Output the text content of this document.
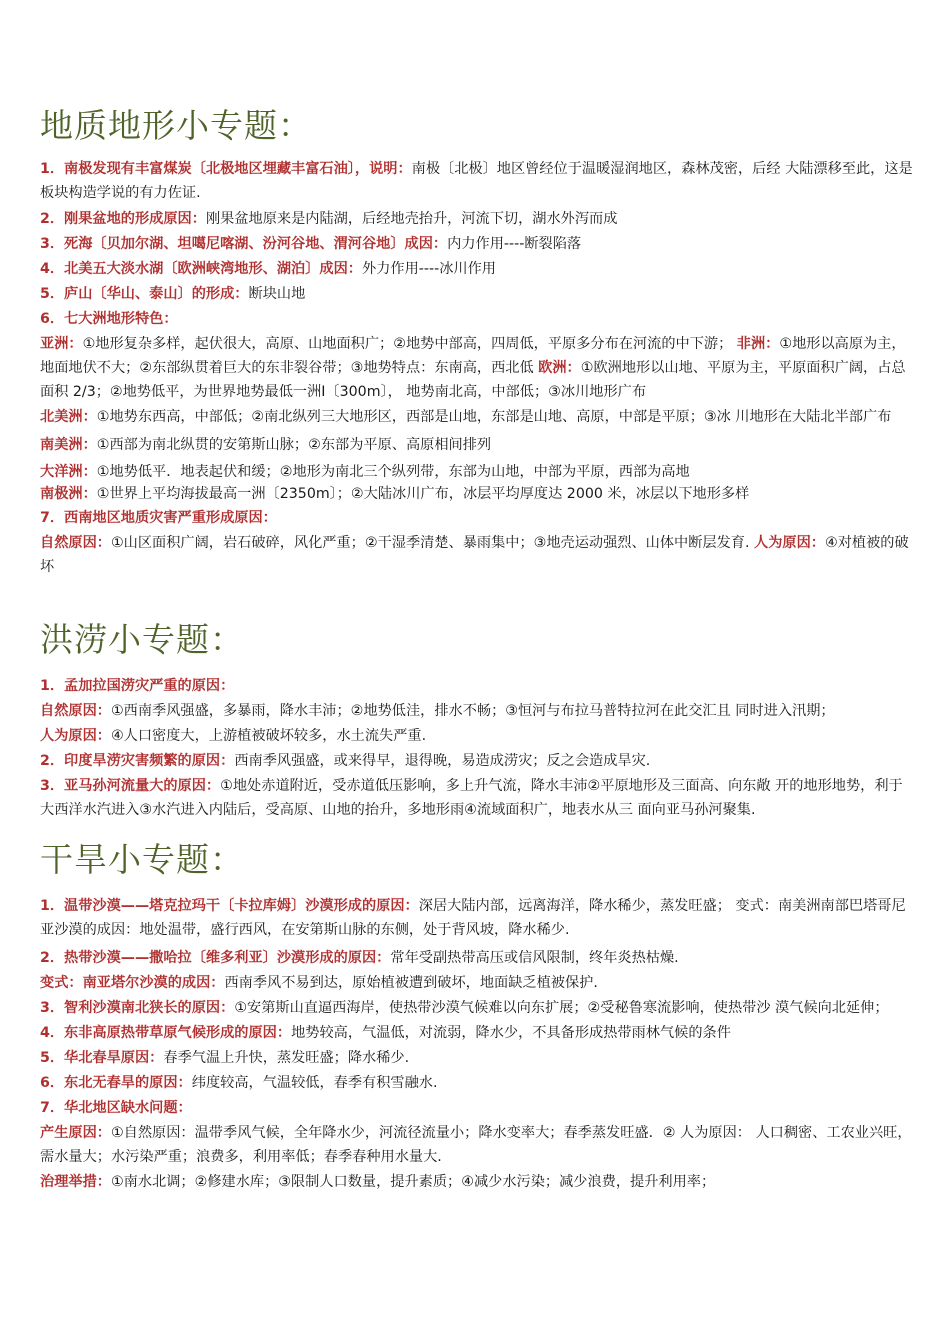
地质地形小专题：

1．南极发现有丰富煤炭〔北极地区埋藏丰富石油〕，说明：南极〔北极〕地区曾经位于温暖湿润地区，森林茂密，后经 大陆漂移至此，这是板块构造学说的有力佐证.

2．刚果盆地的形成原因：刚果盆地原来是内陆湖，后经地壳抬升，河流下切，湖水外泻而成

3．死海〔贝加尔湖、坦噶尼喀湖、汾河谷地、渭河谷地〕成因：内力作用----断裂陷落

4．北美五大淡水湖〔欧洲峡湾地形、湖泊〕成因：外力作用----冰川作用

5．庐山〔华山、泰山〕的形成：断块山地

6．七大洲地形特色：

亚洲：①地形复杂多样，起伏很大，高原、山地面积广；②地势中部高，四周低，平原多分布在河流的中下游； 非洲：①地形以高原为主，地面地伏不大；②东部纵贯着巨大的东非裂谷带；③地势特点：东南高，西北低 欧洲：①欧洲地形以山地、平原为主，平原面积广阔，占总面积 2/3；②地势低平，为世界地势最低一洲Ⅰ〔300m〕， 地势南北高，中部低；③冰川地形广布

北美洲：①地势东西高，中部低；②南北纵列三大地形区，西部是山地，东部是山地、高原，中部是平原；③冰 川地形在大陆北半部广布

南美洲：①西部为南北纵贯的安第斯山脉；②东部为平原、高原相间排列

大洋洲：①地势低平．地表起伏和缓；②地形为南北三个纵列带，东部为山地，中部为平原，西部为高地

南极洲：①世界上平均海拔最高一洲〔2350m〕；②大陆冰川广布，冰层平均厚度达 2000 米，冰层以下地形多样

7．西南地区地质灾害严重形成原因：

自然原因：①山区面积广阔，岩石破碎，风化严重；②干湿季清楚、暴雨集中；③地壳运动强烈、山体中断层发育. 人为原因：④对植被的破坏

洪涝小专题：

1．孟加拉国涝灾严重的原因：

自然原因：①西南季风强盛，多暴雨，降水丰沛；②地势低洼，排水不畅；③恒河与布拉马普特拉河在此交汇且 同时进入汛期；

人为原因：④人口密度大，上游植被破坏较多，水土流失严重.

2．印度旱涝灾害频繁的原因：西南季风强盛，或来得早，退得晚，易造成涝灾；反之会造成旱灾.

3．亚马孙河流量大的原因：①地处赤道附近，受赤道低压影响，多上升气流，降水丰沛②平原地形及三面高、向东敞 开的地形地势，利于大西洋水汽进入③水汽进入内陆后，受高原、山地的抬升，多地形雨④流域面积广，地表水从三 面向亚马孙河聚集.

干旱小专题：

1．温带沙漠——塔克拉玛干〔卡拉库姆〕沙漠形成的原因：深居大陆内部，远离海洋，降水稀少，蒸发旺盛； 变式：南美洲南部巴塔哥尼亚沙漠的成因：地处温带，盛行西风，在安第斯山脉的东侧，处于背风坡，降水稀少.

2．热带沙漠——撒哈拉〔维多利亚〕沙漠形成的原因：常年受副热带高压或信风限制，终年炎热枯燥.

变式：南亚塔尔沙漠的成因：西南季风不易到达，原始植被遭到破坏，地面缺乏植被保护.

3．智利沙漠南北狭长的原因：①安第斯山直逼西海岸，使热带沙漠气候难以向东扩展；②受秘鲁寒流影响，使热带沙 漠气候向北延伸；

4．东非高原热带草原气候形成的原因：地势较高，气温低，对流弱，降水少，不具备形成热带雨林气候的条件

5．华北春旱原因：春季气温上升快，蒸发旺盛；降水稀少.

6．东北无春旱的原因：纬度较高，气温较低，春季有积雪融水.

7．华北地区缺水问题：

产生原因：①自然原因：温带季风气候，全年降水少，河流径流量小；降水变率大；春季蒸发旺盛．② 人为原因： 人口稠密、工农业兴旺，需水量大；水污染严重；浪费多，利用率低；春季春种用水量大.

治理举措：①南水北调；②修建水库；③限制人口数量，提升素质；④减少水污染；减少浪费，提升利用率；
